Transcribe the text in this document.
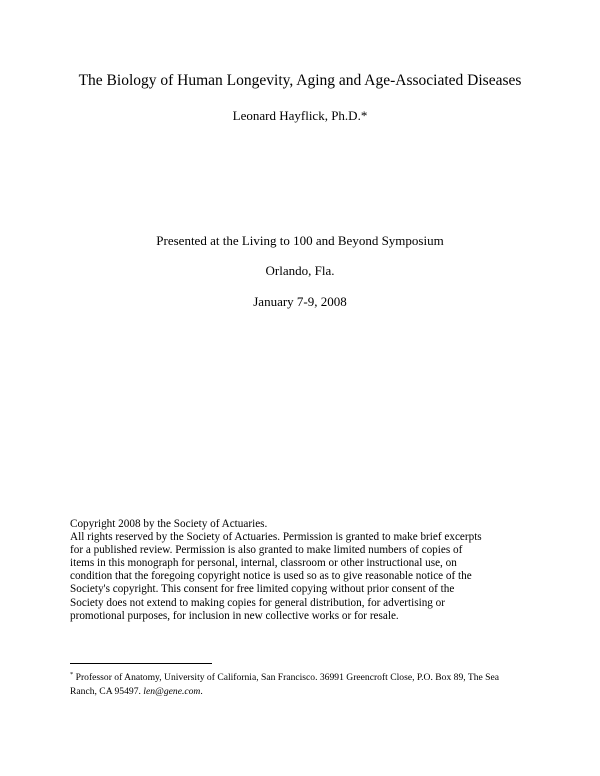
The Biology of Human Longevity, Aging and Age-Associated Diseases
Leonard Hayflick, Ph.D.*
Presented at the Living to 100 and Beyond Symposium
Orlando, Fla.
January 7-9, 2008
Copyright 2008 by the Society of Actuaries.
All rights reserved by the Society of Actuaries. Permission is granted to make brief excerpts
for a published review. Permission is also granted to make limited numbers of copies of
items in this monograph for personal, internal, classroom or other instructional use, on
condition that the foregoing copyright notice is used so as to give reasonable notice of the
Society's copyright. This consent for free limited copying without prior consent of the
Society does not extend to making copies for general distribution, for advertising or
promotional purposes, for inclusion in new collective works or for resale.
* Professor of Anatomy, University of California, San Francisco. 36991 Greencroft Close, P.O. Box 89, The Sea
Ranch, CA 95497. len@gene.com.
